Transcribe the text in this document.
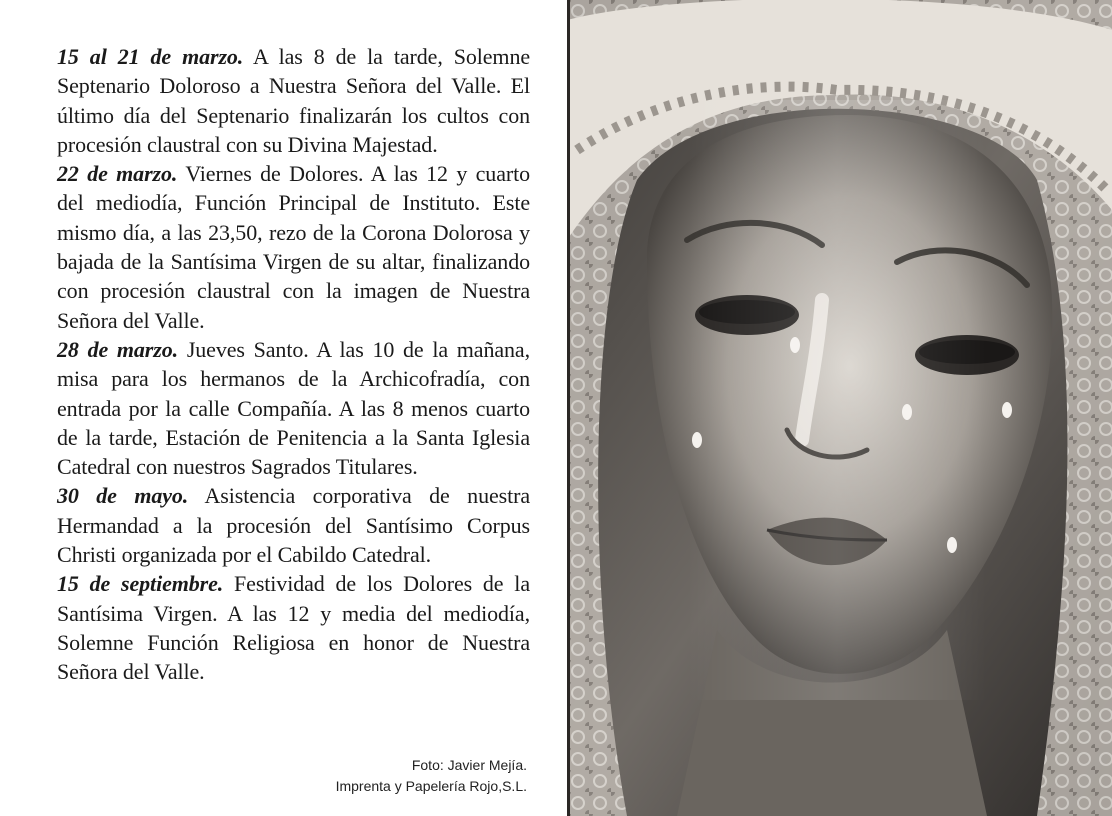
15 al 21 de marzo. A las 8 de la tarde, Solemne Septenario Doloroso a Nuestra Señora del Valle. El último día del Septenario finalizarán los cultos con procesión claustral con su Divina Majestad.

22 de marzo. Viernes de Dolores. A las 12 y cuarto del mediodía, Función Principal de Instituto. Este mismo día, a las 23,50, rezo de la Corona Dolorosa y bajada de la Santísima Virgen de su altar, finalizando con procesión claustral con la imagen de Nuestra Señora del Valle.

28 de marzo. Jueves Santo. A las 10 de la mañana, misa para los hermanos de la Archicofradía, con entrada por la calle Compañía. A las 8 menos cuarto de la tarde, Estación de Penitencia a la Santa Iglesia Catedral con nuestros Sagrados Titulares.

30 de mayo. Asistencia corporativa de nuestra Hermandad a la procesión del Santísimo Corpus Christi organizada por el Cabildo Catedral.

15 de septiembre. Festividad de los Dolores de la Santísima Virgen. A las 12 y media del mediodía, Solemne Función Religiosa en honor de Nuestra Señora del Valle.

Foto: Javier Mejía.
Imprenta y Papelería Rojo,S.L.
